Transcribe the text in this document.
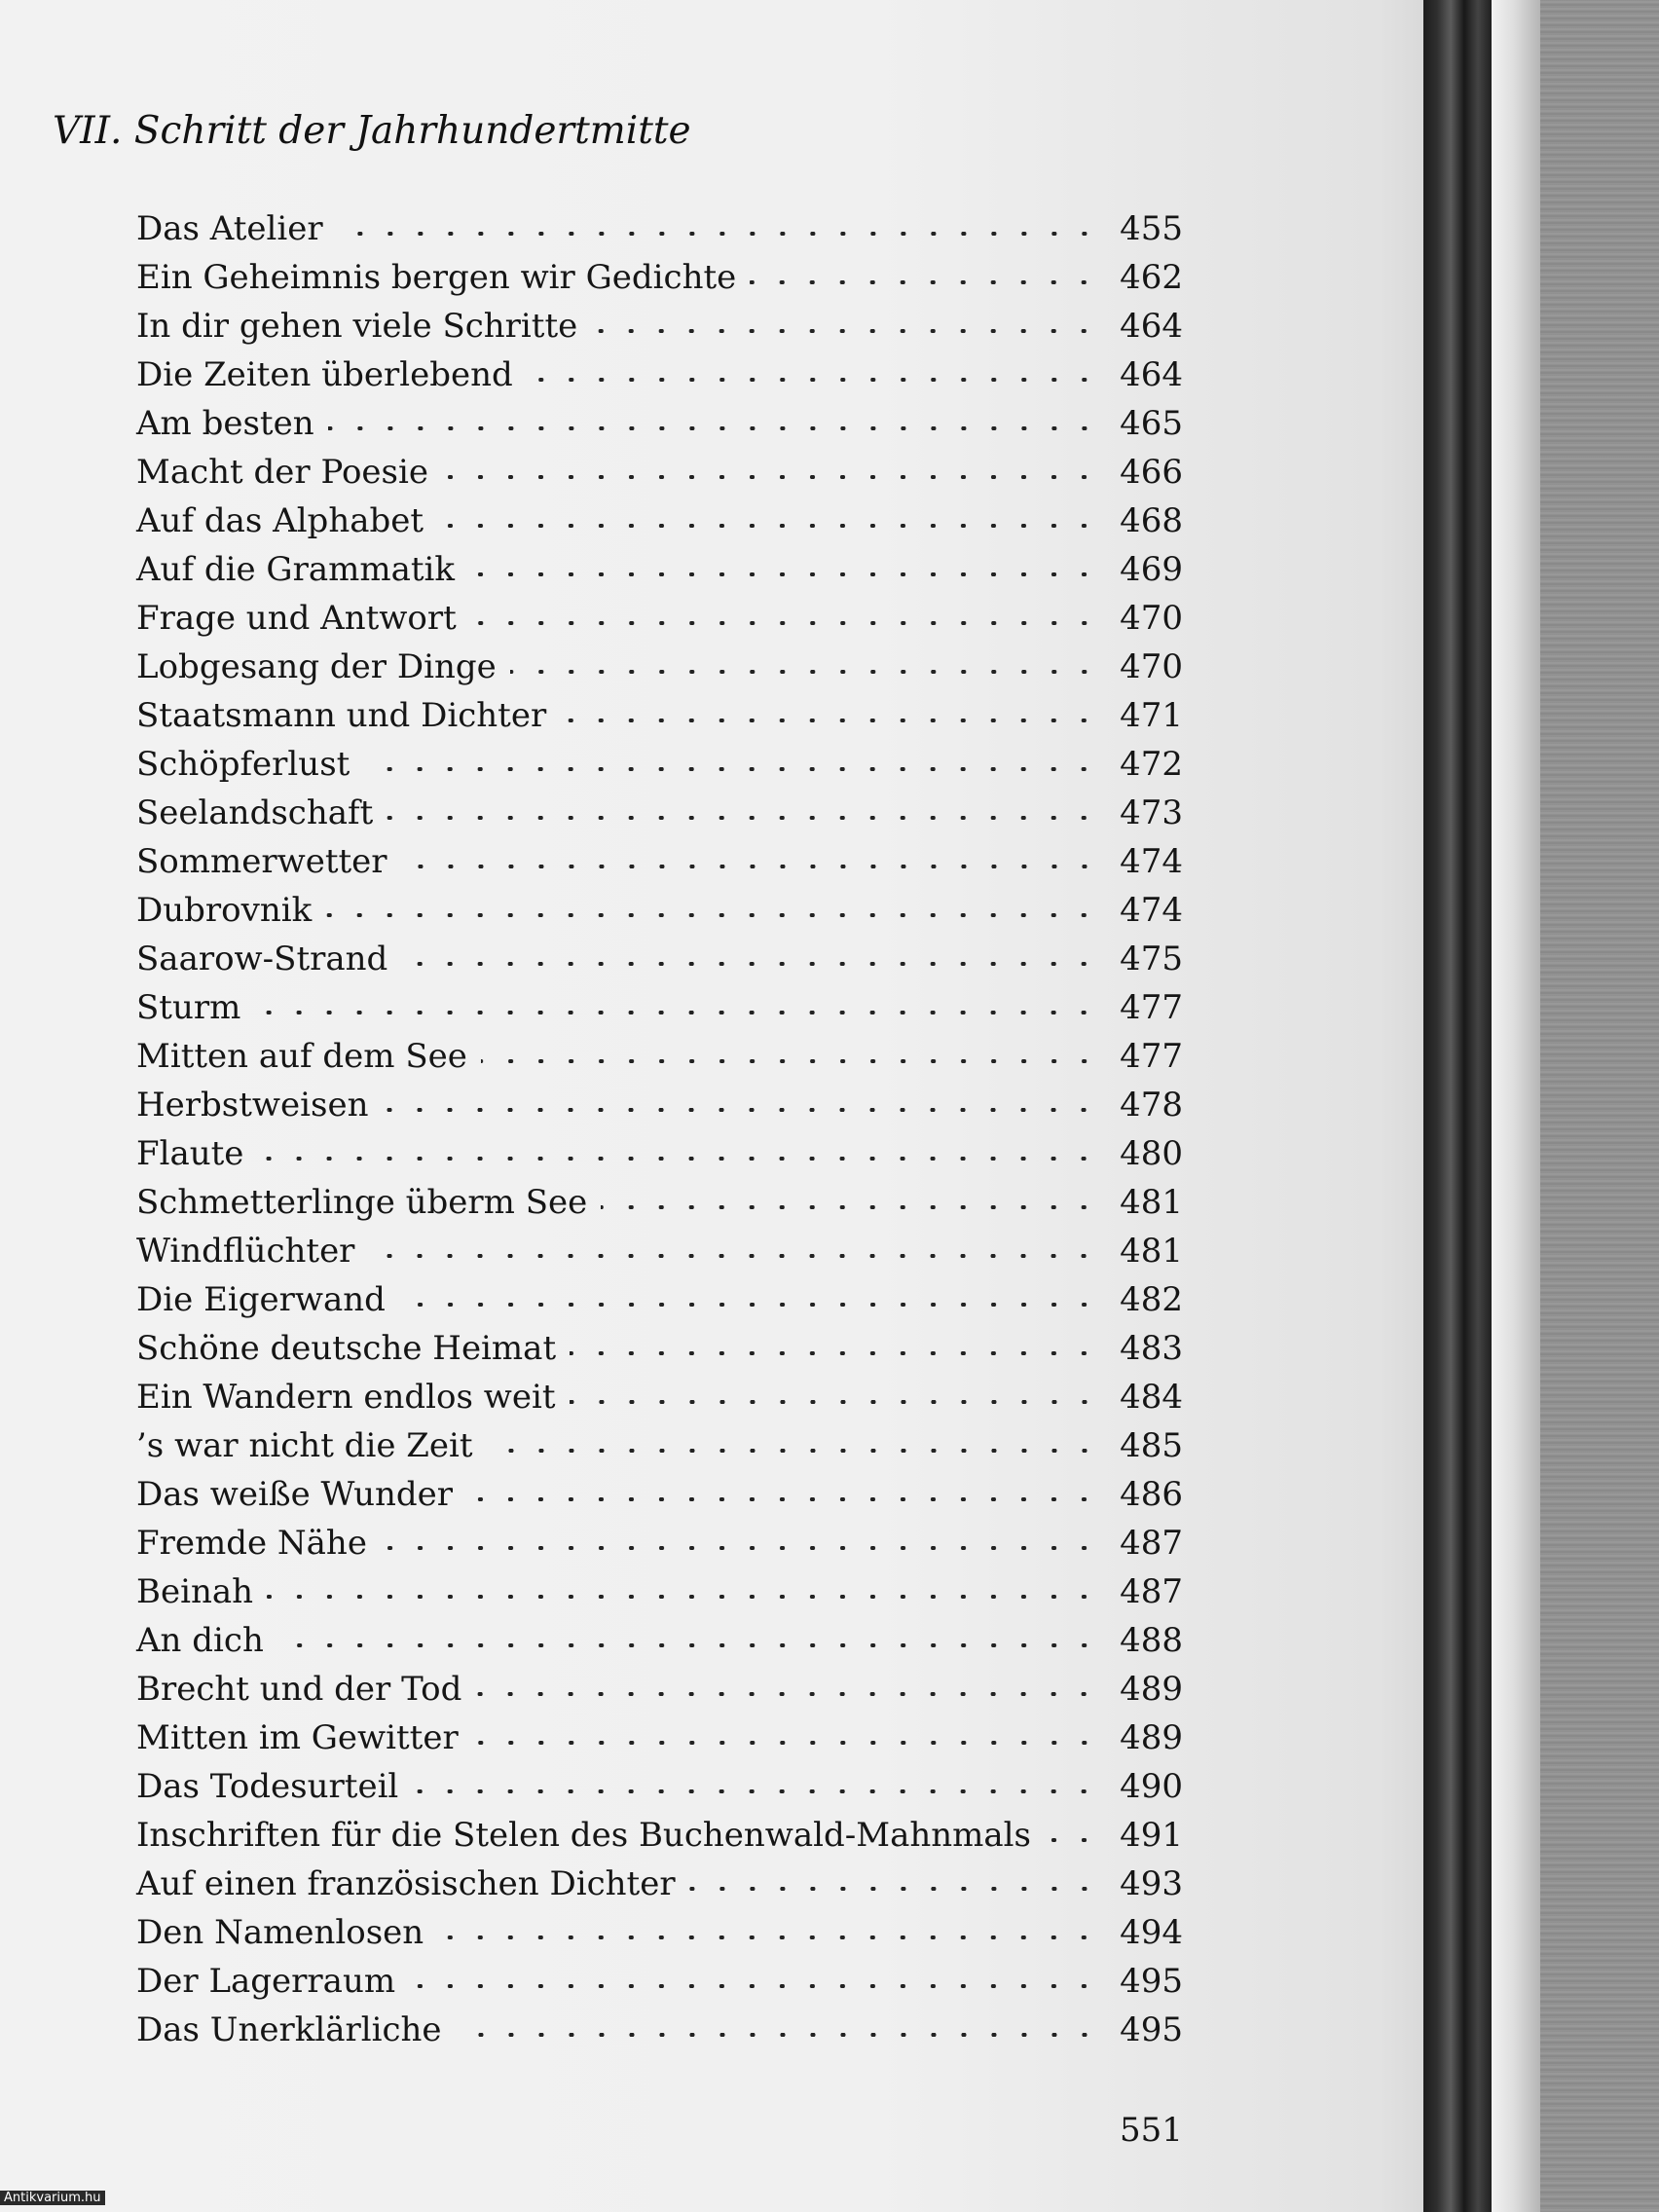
VII. Schritt der Jahrhundertmitte
Das Atelier	455
Ein Geheimnis bergen wir Gedichte	462
In dir gehen viele Schritte	464
Die Zeiten überlebend	464
Am besten	465
Macht der Poesie	466
Auf das Alphabet	468
Auf die Grammatik	469
Frage und Antwort	470
Lobgesang der Dinge	470
Staatsmann und Dichter	471
Schöpferlust	472
Seelandschaft	473
Sommerwetter	474
Dubrovnik	474
Saarow-Strand	475
Sturm	477
Mitten auf dem See	477
Herbstweisen	478
Flaute	480
Schmetterlinge überm See	481
Windflüchter	481
Die Eigerwand	482
Schöne deutsche Heimat	483
Ein Wandern endlos weit	484
’s war nicht die Zeit	485
Das weiße Wunder	486
Fremde Nähe	487
Beinah	487
An dich	488
Brecht und der Tod	489
Mitten im Gewitter	489
Das Todesurteil	490
Inschriften für die Stelen des Buchenwald-Mahnmals	491
Auf einen französischen Dichter	493
Den Namenlosen	494
Der Lagerraum	495
Das Unerklärliche	495
551
Antikvarium.hu
